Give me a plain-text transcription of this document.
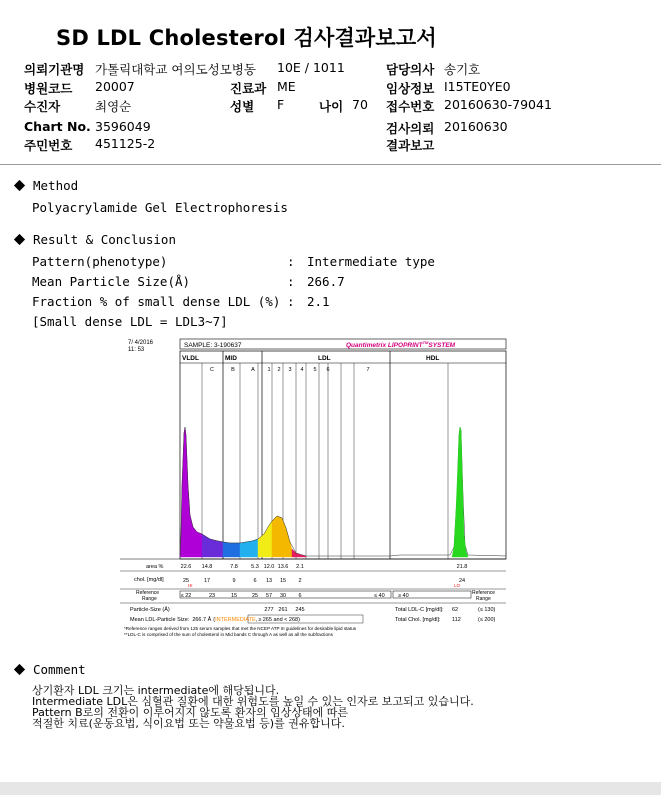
SD LDL Cholesterol 검사결과보고서
의뢰기관명 가톨릭대학교 여의도성모병동 10E / 1011	담당의사 송기호
병원코드 20007	진료과 ME	임상정보 I15TE0YE0
수진자	최영순	성별 F	나이 70 접수번호 20160630-79041
Chart No. 3596049	검사의뢰 20160630
주민번호 451125-2	결과보고
Method
Polyacrylamide Gel Electrophoresis
Result & Conclusion
Pattern(phenotype)	: Intermediate type
Mean Particle Size(Å)	: 266.7
Fraction % of small dense LDL (%) : 2.1
[Small dense LDL = LDL3~7]
7/ 4/2016
11: 53
SAMPLE: 3-190637	Quantimetrix LIPOPRINT™SYSTEM
VLDL	MID	LDL	HDL
C	B	A 1 2 3 4 5 6	7
area %	22.6 14.8	7.8 5.3 12.0 13.6 2.1	21.8
chol. [mg/dl]	25	17	9	6 13 15 2	24
HI	LO
Reference
Range	≤ 22	23	15	25 57 30 6	≤ 40 ≥ 40	Reference
Range
Particle-Size (Å)	277 261 245	Total LDL-C [mg/dl]: 62	(≤ 130)
Mean LDL-Particle Size: 266.7 Å (INTERMEDIATE,≥ 265 and < 268)	Total Chol. [mg/dl]: 112	(≤ 200)
*Reference ranges derived from 125 serum samples that met the NCEP ATP III guidelines for desirable lipid status
**LDL-C is comprised of the sum of cholesterol in Mid bands C through A as well as all the subfractions
Comment
상기환자 LDL 크기는 intermediate에 해당됩니다.
Intermediate LDL은 심혈관 질환에 대한 위험도를 높일 수 있는 인자로 보고되고 있습니다.
Pattern B로의 전환이 이루어지지 않도록 환자의 임상상태에 따른
적절한 치료(운동요법, 식이요법 또는 약물요법 등)를 권유합니다.
